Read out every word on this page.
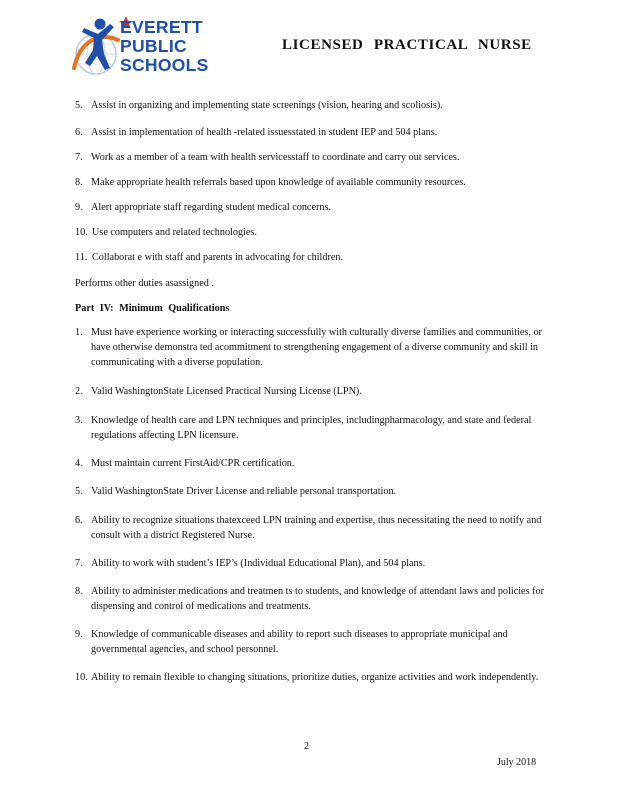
EVERETT
PUBLIC
SCHOOLS
LICENSED PRACTICAL NURSE
5. Assist in organizing and implementing state screenings (vision, hearing and scoliosis).
6. Assist in implementation of health -related issuesstated in student IEP and 504 plans.
7. Work as a member of a team with health servicesstaff to coordinate and carry out services.
8. Make appropriate health referrals based upon knowledge of available community resources.
9. Alert appropriate staff regarding student medical concerns.
10. Use computers and related technologies.
11. Collaborat e with staff and parents in advocating for children.
Performs other duties asassigned .
Part IV: Minimum Qualifications
1. Must have experience working or interacting successfully with culturally diverse families and communities, or have otherwise demonstra ted acommitment to strengthening engagement of a diverse community and skill in communicating with a diverse population.
2. Valid WashingtonState Licensed Practical Nursing License (LPN).
3. Knowledge of health care and LPN techniques and principles, includingpharmacology, and state and federal regulations affecting LPN licensure.
4. Must maintain current FirstAid/CPR certification.
5. Valid WashingtonState Driver License and reliable personal transportation.
6. Ability to recognize situations thatexceed LPN training and expertise, thus necessitating the need to notify and consult with a district Registered Nurse.
7. Ability to work with student’s IEP’s (Individual Educational Plan), and 504 plans.
8. Ability to administer medications and treatmen ts to students, and knowledge of attendant laws and policies for dispensing and control of medications and treatments.
9. Knowledge of communicable diseases and ability to report such diseases to appropriate municipal and governmental agencies, and school personnel.
10. Ability to remain flexible to changing situations, prioritize duties, organize activities and work independently.
2
July 2018
